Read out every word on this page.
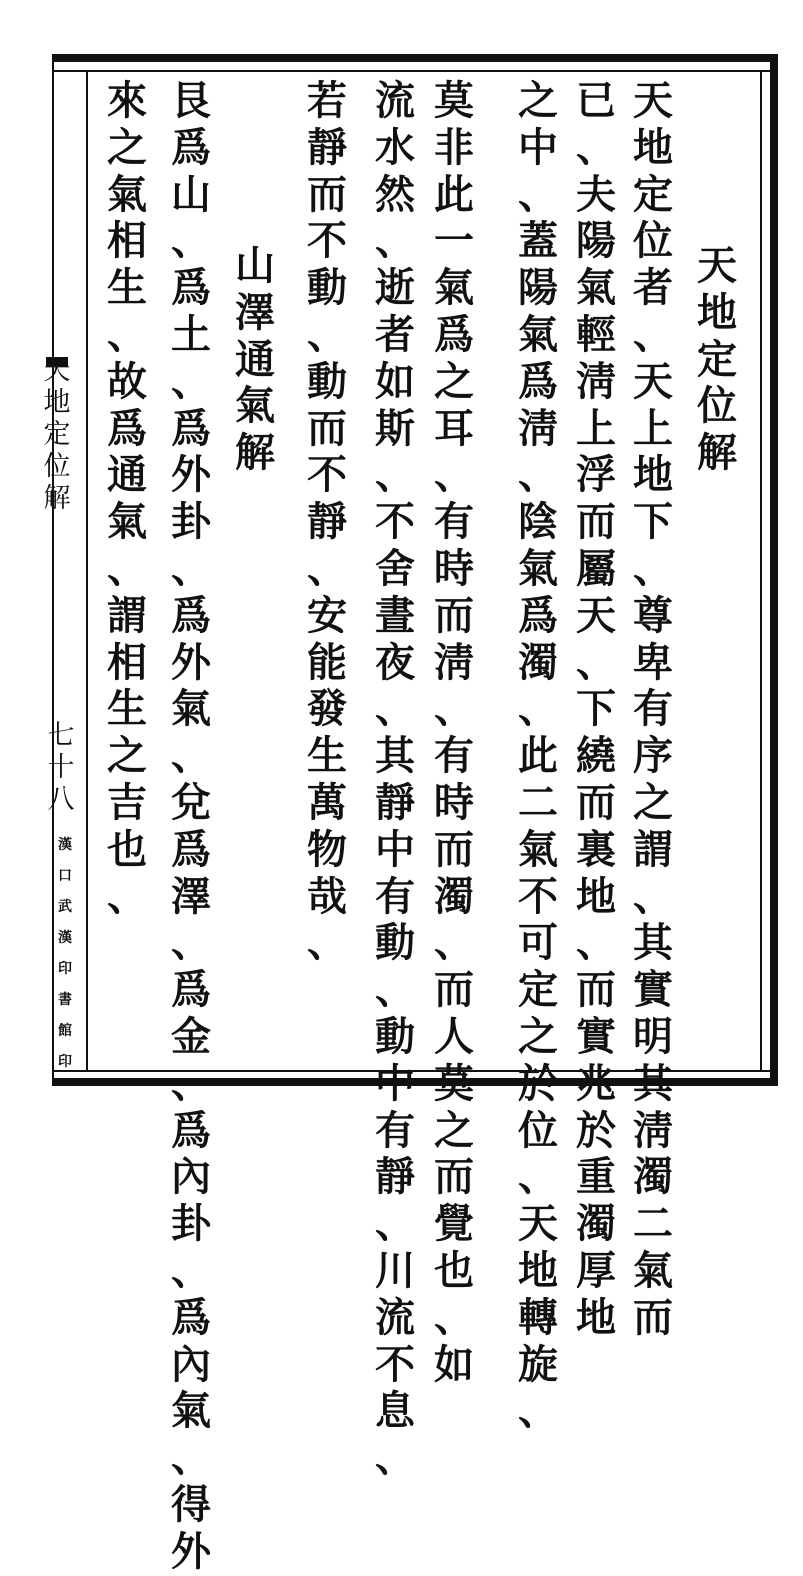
天
地
定
位
解
天
地
定
位
者
、
天
上
地
下
、
尊
卑
有
序
之
謂
、
其
實
明
其
淸
濁
二
氣
而
已
、
夫
陽
氣
輕
淸
上
浮
而
屬
天
、
下
繞
而
裏
地
、
而
實
兆
於
重
濁
厚
地
之
中
、
蓋
陽
氣
爲
淸
、
陰
氣
爲
濁
、
此
二
氣
不
可
定
之
於
位
、
天
地
轉
旋
、
莫
非
此
一
氣
爲
之
耳
、
有
時
而
淸
、
有
時
而
濁
、
而
人
莫
之
而
覺
也
、
如
流
水
然
、
逝
者
如
斯
、
不
舍
晝
夜
、
其
靜
中
有
動
、
動
中
有
靜
、
川
流
不
息
、
若
靜
而
不
動
、
動
而
不
靜
、
安
能
發
生
萬
物
哉
、
山
澤
通
氣
解
艮
爲
山
、
爲
土
、
爲
外
卦
、
爲
外
氣
、
兌
爲
澤
、
爲
金
、
爲
內
卦
、
爲
內
氣
、
得
外
來
之
氣
相
生
、
故
爲
通
氣
、
謂
相
生
之
吉
也
、
天
地
定
位
解
七
十
八
漢
口
武
漢
印
書
館
印
